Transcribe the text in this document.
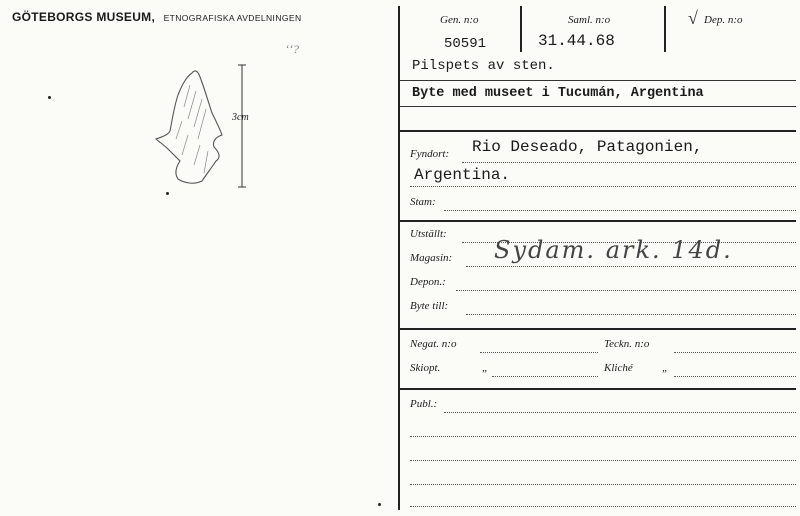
GÖTEBORGS MUSEUM, ETNOGRAFISKA AVDELNINGEN
ʻʻ?
3cm
Gen. n:o
50591
Saml. n:o
31.44.68
√ Dep. n:o
Pilspets av sten.
Byte med museet i Tucumán, Argentina
Fyndort: Rio Deseado, Patagonien,
Argentina.
Stam:
Utställt:
Magasin: Sydam. ark. 14d.
Depon.:
Byte till:
Negat. n:o	Teckn. n:o
Skiopt.	„	Kliché	„
Publ.:
